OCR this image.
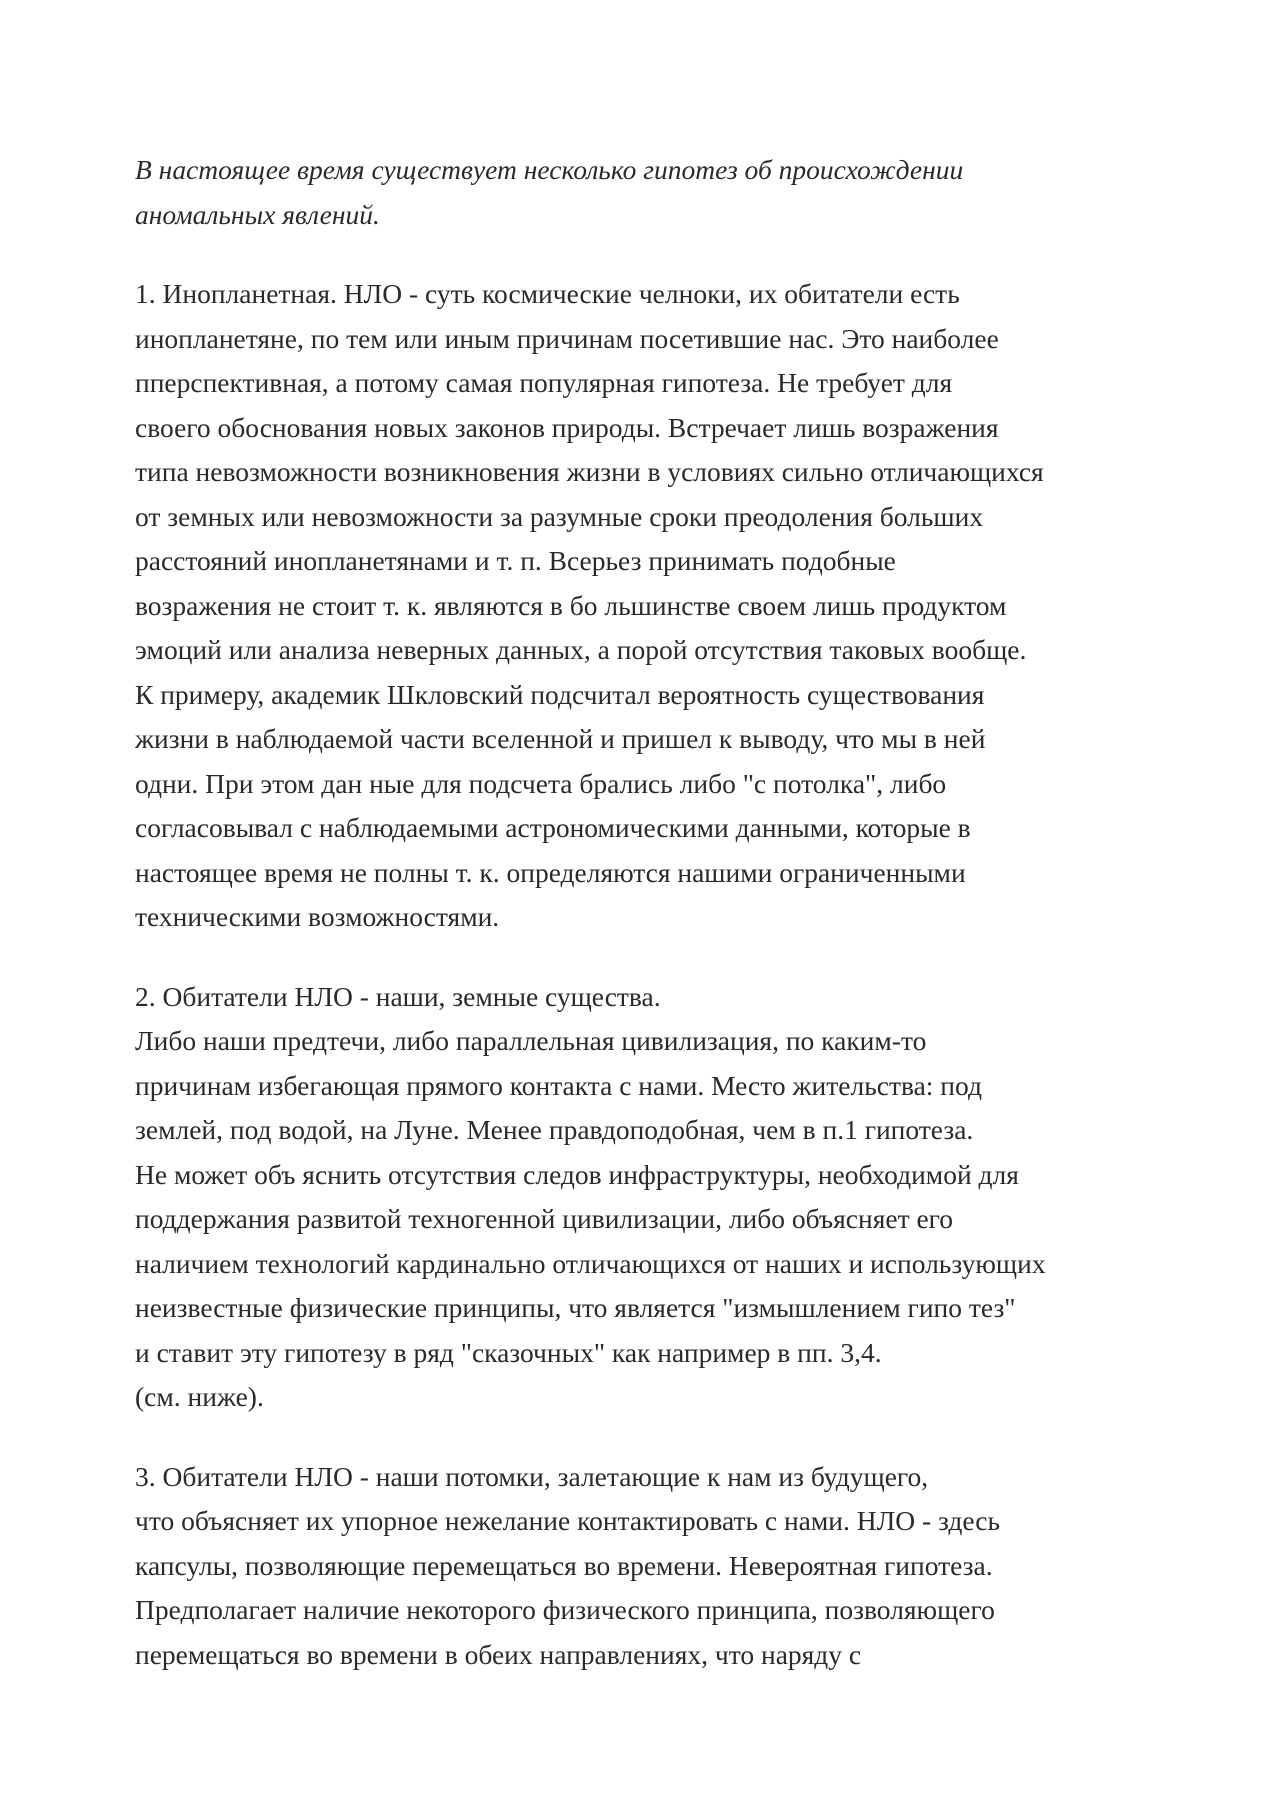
В настоящее время существует несколько гипотез об происхождении
аномальных явлений.
1. Инопланетная. НЛО - суть космические челноки, их обитатели есть
инопланетяне, по тем или иным причинам посетившие нас. Это наиболее
пперспективная, а потому самая популярная гипотеза. Не требует для
своего обоснования новых законов природы. Встречает лишь возражения
типа невозможности возникновения жизни в условиях сильно отличающихся
от земных или невозможности за разумные сроки преодоления больших
расстояний инопланетянами и т. п. Всерьез принимать подобные
возражения не стоит т. к. являются в бо льшинстве своем лишь продуктом
эмоций или анализа неверных данных, а порой отсутствия таковых вообще.
К примеру, академик Шкловский подсчитал вероятность существования
жизни в наблюдаемой части вселенной и пришел к выводу, что мы в ней
одни. При этом дан ные для подсчета брались либо "с потолка", либо
согласовывал с наблюдаемыми астрономическими данными, которые в
настоящее время не полны т. к. определяются нашими ограниченными
техническими возможностями.
2. Обитатели НЛО - наши, земные существа.
Либо наши предтечи, либо параллельная цивилизация, по каким-то
причинам избегающая прямого контакта с нами. Место жительства: под
землей, под водой, на Луне. Менее правдоподобная, чем в п.1 гипотеза.
Не может объ яснить отсутствия следов инфраструктуры, необходимой для
поддержания развитой техногенной цивилизации, либо объясняет его
наличием технологий кардинально отличающихся от наших и использующих
неизвестные физические принципы, что является "измышлением гипо тез"
и ставит эту гипотезу в ряд "сказочных" как например в пп. 3,4.
(см. ниже).
3. Обитатели НЛО - наши потомки, залетающие к нам из будущего,
что объясняет их упорное нежелание контактировать с нами. НЛО - здесь
капсулы, позволяющие перемещаться во времени. Невероятная гипотеза.
Предполагает наличие некоторого физического принципа, позволяющего
перемещаться во времени в обеих направлениях, что наряду с
